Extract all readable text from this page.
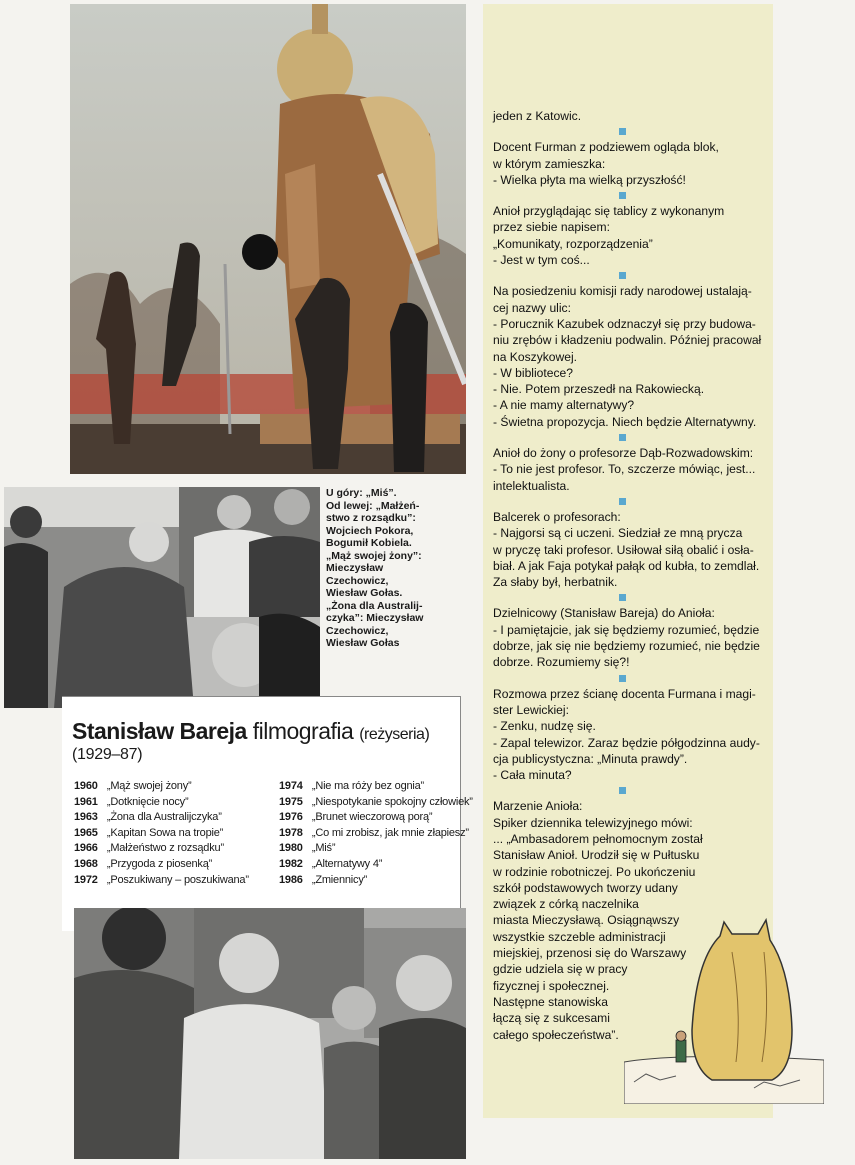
U góry: „Miś”.

Od lewej: „Małżeń-

stwo z rozsądku”:

Wojciech Pokora,

Bogumił Kobiela.

„Mąż swojej żony”:

Mieczysław

Czechowicz,

Wiesław Gołas.

„Żona dla Australij-

czyka”: Mieczysław

Czechowicz,

Wiesław Gołas

Stanisław Bareja filmografia (reżyseria)
(1929–87)
1960 „Mąż swojej żony”
1961 „Dotknięcie nocy”
1963 „Żona dla Australijczyka”
1965 „Kapitan Sowa na tropie”
1966 „Małżeństwo z rozsądku”
1968 „Przygoda z piosenką”
1972 „Poszukiwany – poszukiwana”
1974 „Nie ma róży bez ognia”
1975 „Niespotykanie spokojny człowiek”
1976 „Brunet wieczorową porą”
1978 „Co mi zrobisz, jak mnie złapiesz”
1980 „Miś”
1982 „Alternatywy 4”
1986 „Zmiennicy”

jeden z Katowic.

Docent Furman z podziewem ogląda blok,

w którym zamieszka:

- Wielka płyta ma wielką przyszłość!

Anioł przyglądając się tablicy z wykonanym

przez siebie napisem:

„Komunikaty, rozporządzenia”

- Jest w tym coś...

Na posiedzeniu komisji rady narodowej ustalają-

cej nazwy ulic:

- Porucznik Kazubek odznaczył się przy budowa-

niu zrębów i kładzeniu podwalin. Później pracował

na Koszykowej.

- W bibliotece?

- Nie. Potem przeszedł na Rakowiecką.

- A nie mamy alternatywy?

- Świetna propozycja. Niech będzie Alternatywny.

Anioł do żony o profesorze Dąb-Rozwadowskim:

- To nie jest profesor. To, szczerze mówiąc, jest...

intelektualista.

Balcerek o profesorach:

- Najgorsi są ci uczeni. Siedział ze mną prycza

w pryczę taki profesor. Usiłował siłą obalić i osła-

biał. A jak Faja potykał pałąk od kubła, to zemdlał.

Za słaby był, herbatnik.

Dzielnicowy (Stanisław Bareja) do Anioła:

- I pamiętajcie, jak się będziemy rozumieć, będzie

dobrze, jak się nie będziemy rozumieć, nie będzie

dobrze. Rozumiemy się?!

Rozmowa przez ścianę docenta Furmana i magi-

ster Lewickiej:

- Zenku, nudzę się.

- Zapal telewizor. Zaraz będzie półgodzinna audy-

cja publicystyczna: „Minuta prawdy”.

- Cała minuta?

Marzenie Anioła:

Spiker dziennika telewizyjnego mówi:

... „Ambasadorem pełnomocnym został

Stanisław Anioł. Urodził się w Pułtusku

w rodzinie robotniczej. Po ukończeniu

szkół podstawowych tworzy udany

związek z córką naczelnika

miasta Mieczysławą. Osiągnąwszy

wszystkie szczeble administracji

miejskiej, przenosi się do Warszawy

gdzie udziela się w pracy

fizycznej i społecznej.

Następne stanowiska

łączą się z sukcesami

całego społeczeństwa”.
